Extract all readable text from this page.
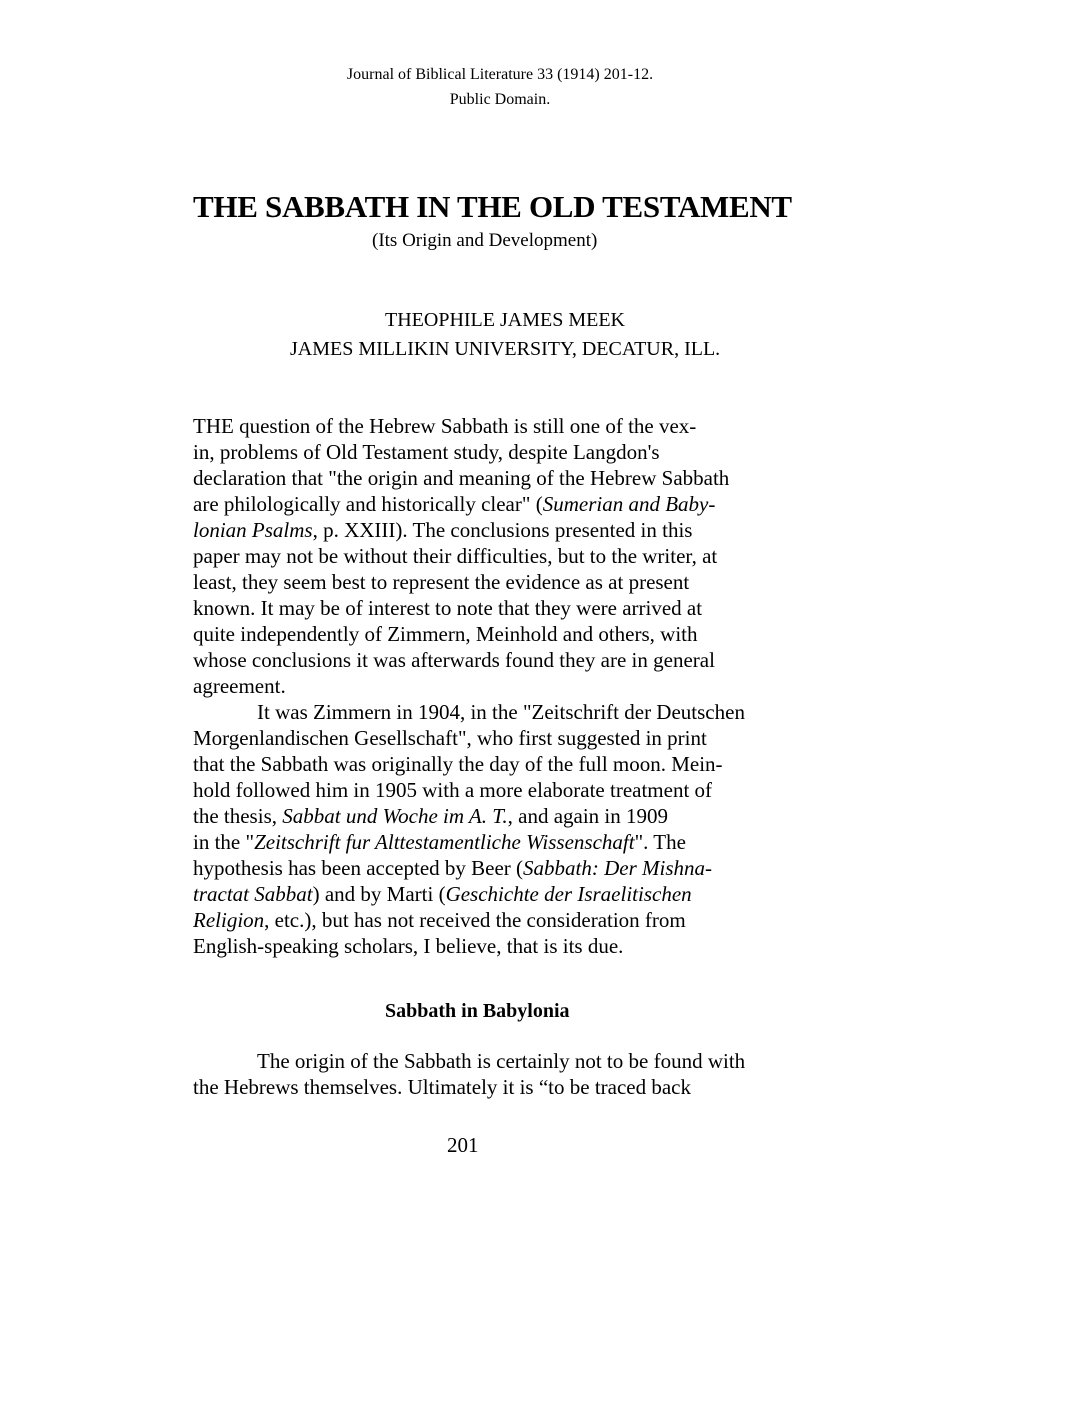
Journal of Biblical Literature 33 (1914) 201-12.
Public Domain.
THE SABBATH IN THE OLD TESTAMENT
(Its Origin and Development)
THEOPHILE JAMES MEEK
JAMES MILLIKIN UNIVERSITY, DECATUR, ILL.
THE question of the Hebrew Sabbath is still one of the vex-
in, problems of Old Testament study, despite Langdon's
declaration that "the origin and meaning of the Hebrew Sabbath
are philologically and historically clear" (Sumerian and Baby-
lonian Psalms, p. XXIII). The conclusions presented in this
paper may not be without their difficulties, but to the writer, at
least, they seem best to represent the evidence as at present
known. It may be of interest to note that they were arrived at
quite independently of Zimmern, Meinhold and others, with
whose conclusions it was afterwards found they are in general
agreement.
It was Zimmern in 1904, in the "Zeitschrift der Deutschen
Morgenlandischen Gesellschaft", who first suggested in print
that the Sabbath was originally the day of the full moon. Mein-
hold followed him in 1905 with a more elaborate treatment of
the thesis, Sabbat und Woche im A. T., and again in 1909
in the "Zeitschrift fur Alttestamentliche Wissenschaft". The
hypothesis has been accepted by Beer (Sabbath: Der Mishna-
tractat Sabbat) and by Marti (Geschichte der Israelitischen
Religion, etc.), but has not received the consideration from
English-speaking scholars, I believe, that is its due.
Sabbath in Babylonia
The origin of the Sabbath is certainly not to be found with
the Hebrews themselves. Ultimately it is “to be traced back
201
